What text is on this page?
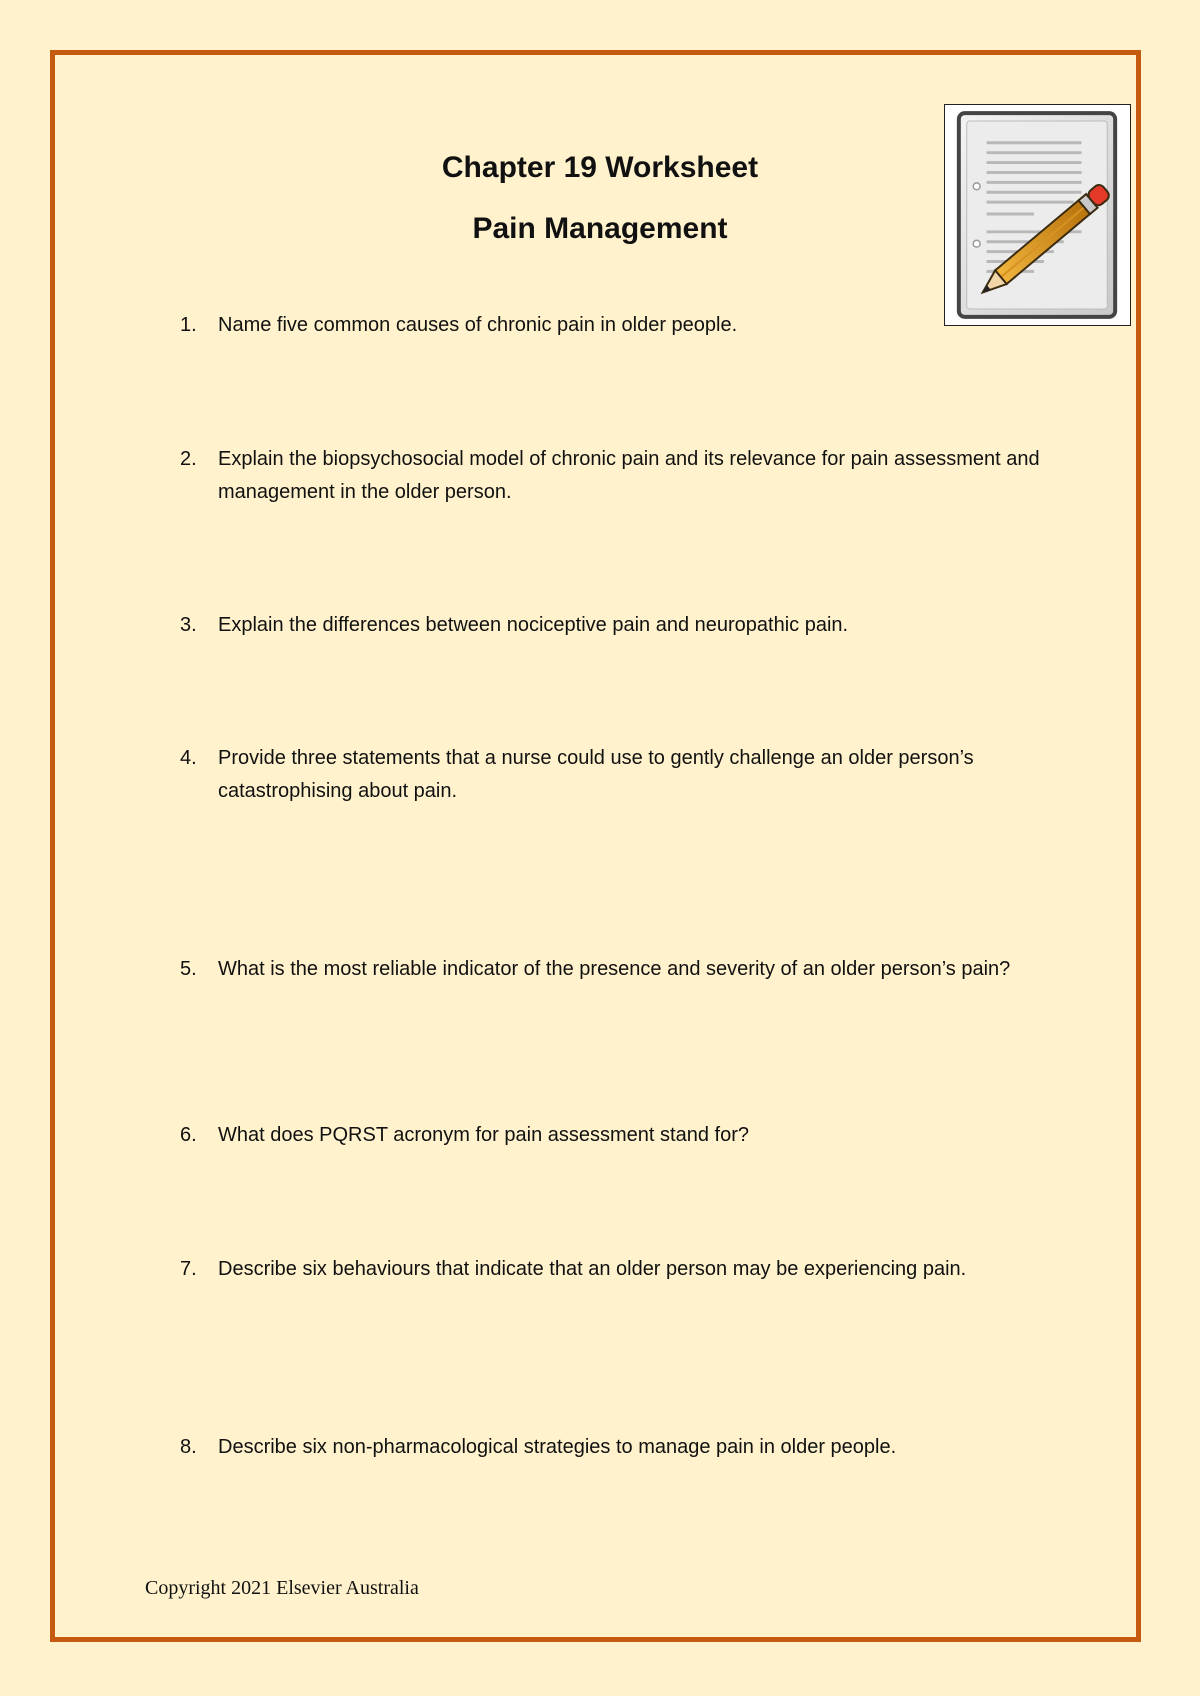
Chapter 19 Worksheet
Pain Management
1.	Name five common causes of chronic pain in older people.
2.	Explain the biopsychosocial model of chronic pain and its relevance for pain assessment and management in the older person.
3.	Explain the differences between nociceptive pain and neuropathic pain.
4.	Provide three statements that a nurse could use to gently challenge an older person’s catastrophising about pain.
5.	What is the most reliable indicator of the presence and severity of an older person’s pain?
6.	What does PQRST acronym for pain assessment stand for?
7.	Describe six behaviours that indicate that an older person may be experiencing pain.
8.	Describe six non-pharmacological strategies to manage pain in older people.

Copyright 2021 Elsevier Australia
